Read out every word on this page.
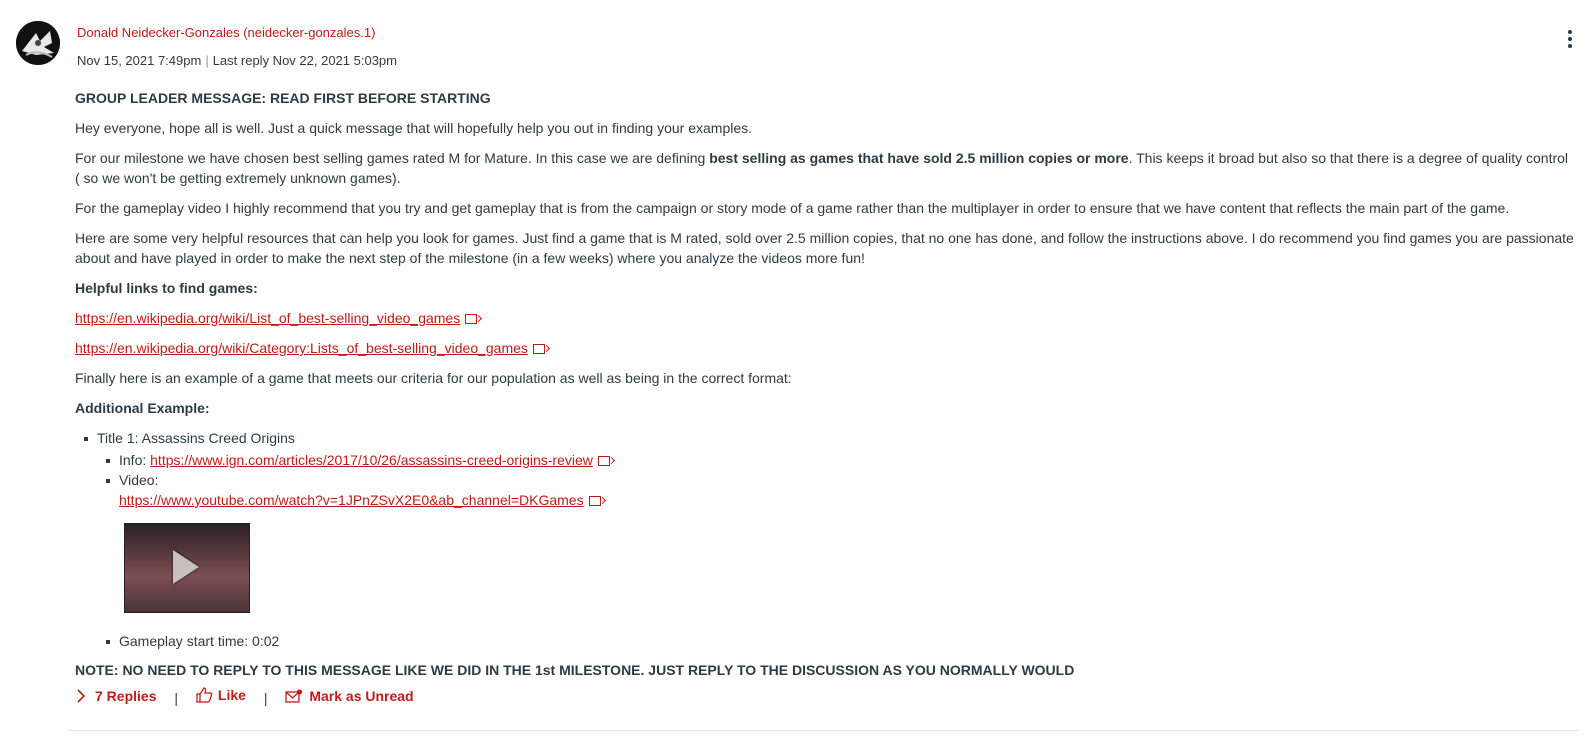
Donald Neidecker-Gonzales (neidecker-gonzales.1)
Nov 15, 2021 7:49pm | Last reply Nov 22, 2021 5:03pm

GROUP LEADER MESSAGE: READ FIRST BEFORE STARTING

Hey everyone, hope all is well. Just a quick message that will hopefully help you out in finding your examples.

For our milestone we have chosen best selling games rated M for Mature. In this case we are defining best selling as games that have sold 2.5 million copies or more. This keeps it broad but also so that there is a degree of quality control ( so we won't be getting extremely unknown games).

For the gameplay video I highly recommend that you try and get gameplay that is from the campaign or story mode of a game rather than the multiplayer in order to ensure that we have content that reflects the main part of the game.

Here are some very helpful resources that can help you look for games. Just find a game that is M rated, sold over 2.5 million copies, that no one has done, and follow the instructions above. I do recommend you find games you are passionate about and have played in order to make the next step of the milestone (in a few weeks) where you analyze the videos more fun!

Helpful links to find games:

https://en.wikipedia.org/wiki/List_of_best-selling_video_games

https://en.wikipedia.org/wiki/Category:Lists_of_best-selling_video_games

Finally here is an example of a game that meets our criteria for our population as well as being in the correct format:

Additional Example:

Title 1: Assassins Creed Origins
Info: https://www.ign.com/articles/2017/10/26/assassins-creed-origins-review
Video:
https://www.youtube.com/watch?v=1JPnZSvX2E0&ab_channel=DKGames
Gameplay start time: 0:02

NOTE: NO NEED TO REPLY TO THIS MESSAGE LIKE WE DID IN THE 1st MILESTONE. JUST REPLY TO THE DISCUSSION AS YOU NORMALLY WOULD

7 Replies |	Like |	Mark as Unread
